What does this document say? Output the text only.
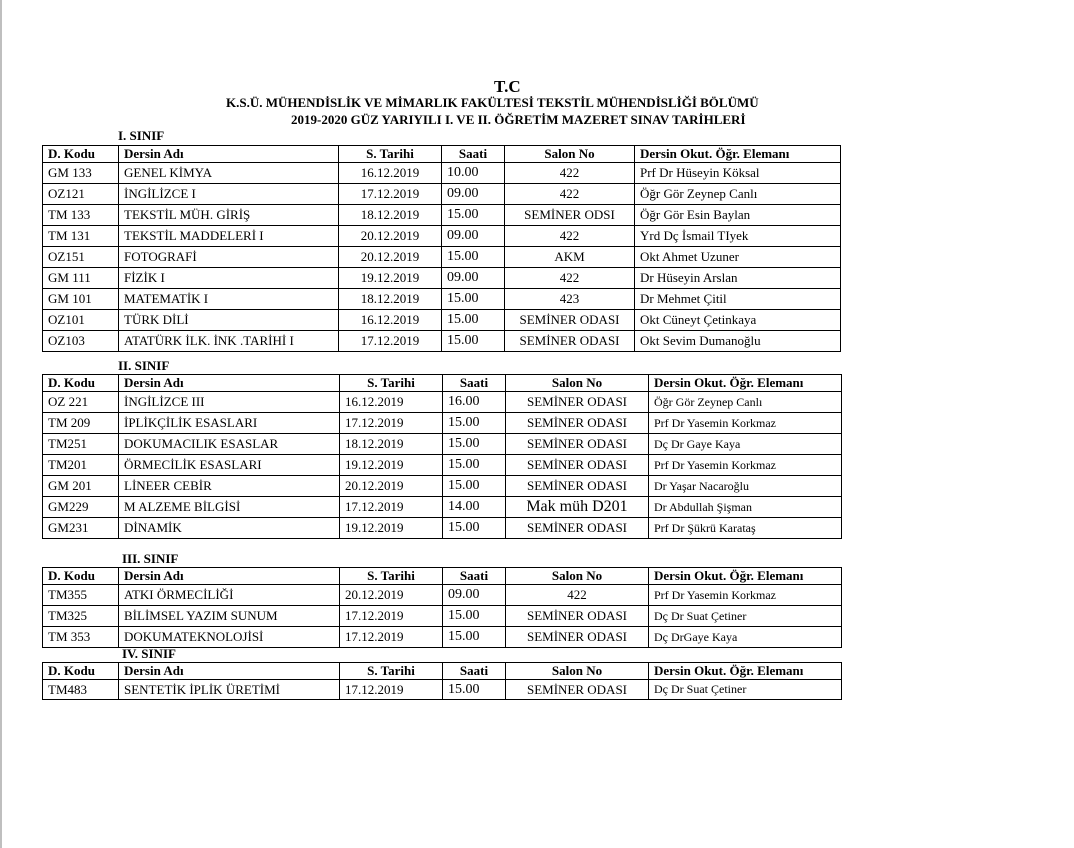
T.C
K.S.Ü. MÜHENDİSLİK VE MİMARLIK FAKÜLTESİ TEKSTİL MÜHENDİSLİĞİ BÖLÜMÜ
2019-2020 GÜZ YARIYILI I. VE II. ÖĞRETİM MAZERET SINAV TARİHLERİ
I. SINIF
D. Kodu	Dersin Adı	S. Tarihi	Saati	Salon No	Dersin Okut. Öğr. Elemanı
GM 133	GENEL KİMYA	16.12.2019	10.00	422	Prf Dr Hüseyin Köksal
OZ121	İNGİLİZCE I	17.12.2019	09.00	422	Öğr Gör Zeynep Canlı
TM 133	TEKSTİL MÜH. GİRİŞ	18.12.2019	15.00	SEMİNER ODSI	Öğr Gör Esin Baylan
TM 131	TEKSTİL MADDELERİ I	20.12.2019	09.00	422	Yrd Dç İsmail TIyek
OZ151	FOTOGRAFİ	20.12.2019	15.00	AKM	Okt Ahmet Uzuner
GM 111	FİZİK I	19.12.2019	09.00	422	Dr Hüseyin Arslan
GM 101	MATEMATİK I	18.12.2019	15.00	423	Dr Mehmet Çitil
OZ101	TÜRK DİLİ	16.12.2019	15.00	SEMİNER ODASI	Okt Cüneyt Çetinkaya
OZ103	ATATÜRK İLK. İNK .TARİHİ I	17.12.2019	15.00	SEMİNER ODASI	Okt Sevim Dumanoğlu
II. SINIF
D. Kodu	Dersin Adı	S. Tarihi	Saati	Salon No	Dersin Okut. Öğr. Elemanı
OZ 221	İNGİLİZCE III	16.12.2019	16.00	SEMİNER ODASI	Öğr Gör Zeynep Canlı
TM 209	İPLİKÇİLİK ESASLARI	17.12.2019	15.00	SEMİNER ODASI	Prf Dr Yasemin Korkmaz
TM251	DOKUMACILIK ESASLAR	18.12.2019	15.00	SEMİNER ODASI	Dç Dr Gaye Kaya
TM201	ÖRMECİLİK ESASLARI	19.12.2019	15.00	SEMİNER ODASI	Prf Dr Yasemin Korkmaz
GM 201	LİNEER CEBİR	20.12.2019	15.00	SEMİNER ODASI	Dr Yaşar Nacaroğlu
GM229	M ALZEME BİLGİSİ	17.12.2019	14.00	Mak müh D201	Dr Abdullah Şişman
GM231	DİNAMİK	19.12.2019	15.00	SEMİNER ODASI	Prf Dr Şükrü Karataş
III. SINIF
D. Kodu	Dersin Adı	S. Tarihi	Saati	Salon No	Dersin Okut. Öğr. Elemanı
TM355	ATKI ÖRMECİLİĞİ	20.12.2019	09.00	422	Prf Dr Yasemin Korkmaz
TM325	BİLİMSEL YAZIM SUNUM	17.12.2019	15.00	SEMİNER ODASI	Dç Dr Suat Çetiner
TM 353	DOKUMATEKNOLOJİSİ	17.12.2019	15.00	SEMİNER ODASI	Dç DrGaye Kaya
IV. SINIF
D. Kodu	Dersin Adı	S. Tarihi	Saati	Salon No	Dersin Okut. Öğr. Elemanı
TM483	SENTETİK İPLİK ÜRETİMİ	17.12.2019	15.00	SEMİNER ODASI	Dç Dr Suat Çetiner
